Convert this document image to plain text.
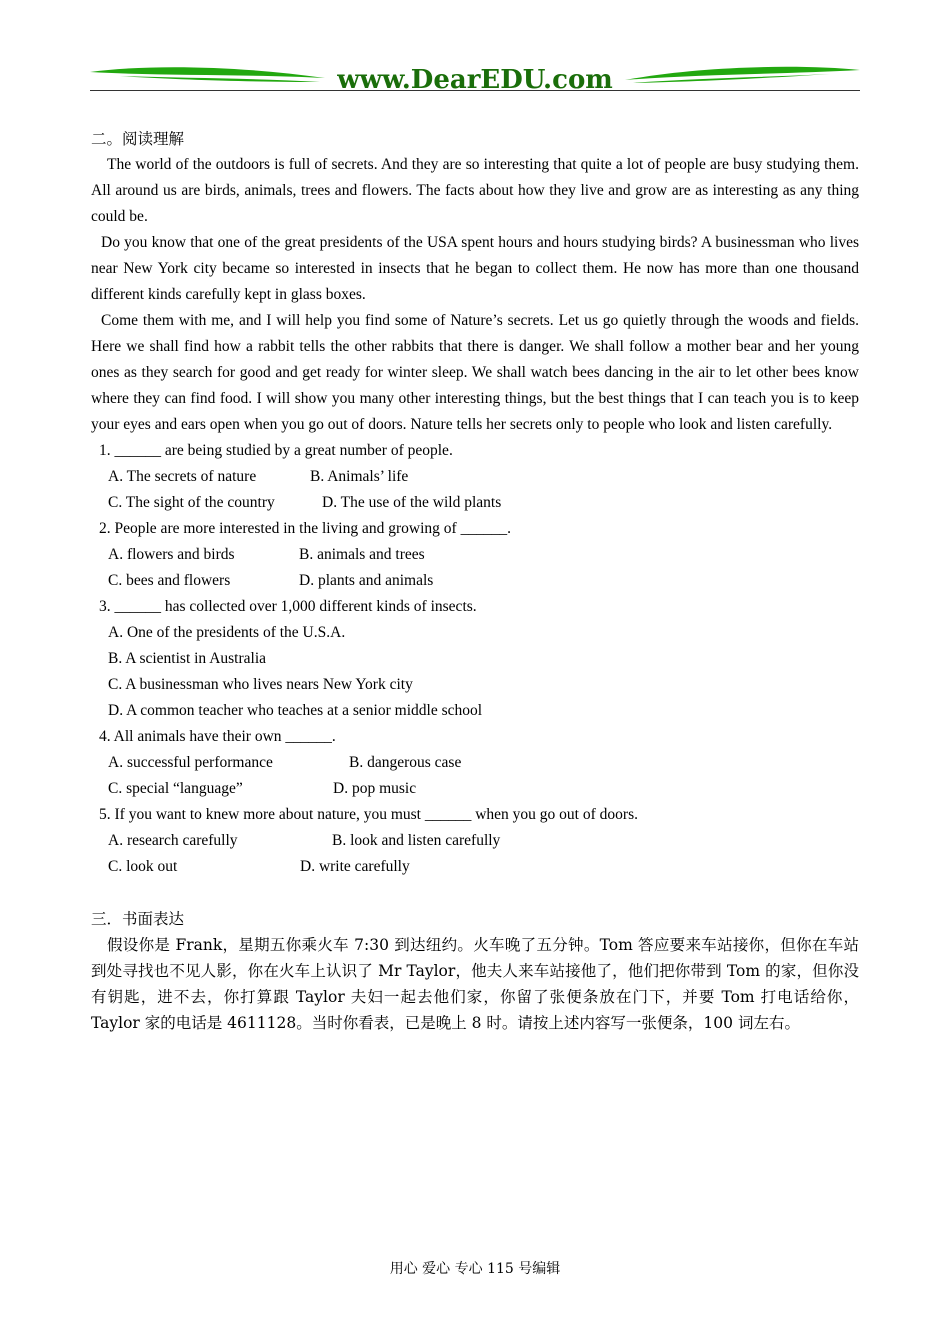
www.DearEDU.com

二。阅读理解

The world of the outdoors is full of secrets. And they are so interesting that quite a lot of people are busy studying them. All around us are birds, animals, trees and flowers. The facts about how they live and grow are as interesting as any thing could be.

Do you know that one of the great presidents of the USA spent hours and hours studying birds? A businessman who lives near New York city became so interested in insects that he began to collect them. He now has more than one thousand different kinds carefully kept in glass boxes.

Come them with me, and I will help you find some of Nature’s secrets. Let us go quietly through the woods and fields. Here we shall find how a rabbit tells the other rabbits that there is danger. We shall follow a mother bear and her young ones as they search for good and get ready for winter sleep. We shall watch bees dancing in the air to let other bees know where they can find food. I will show you many other interesting things, but the best things that I can teach you is to keep your eyes and ears open when you go out of doors. Nature tells her secrets only to people who look and listen carefully.

1. ______ are being studied by a great number of people.

A. The secrets of nature	B. Animals’ life

C. The sight of the country	D. The use of the wild plants

2. People are more interested in the living and growing of ______.

A. flowers and birds	B. animals and trees

C. bees and flowers	D. plants and animals

3. ______ has collected over 1,000 different kinds of insects.

A. One of the presidents of the U.S.A.

B. A scientist in Australia

C. A businessman who lives nears New York city

D. A common teacher who teaches at a senior middle school

4. All animals have their own ______.

A. successful performance	B. dangerous case

C. special “language”	D. pop music

5. If you want to knew more about nature, you must ______ when you go out of doors.

A. research carefully	B. look and listen carefully

C. look out	D. write carefully

三．书面表达

假设你是 Frank，星期五你乘火车 7:30 到达纽约。火车晚了五分钟。Tom 答应要来车站接你，但你在车站到处寻找也不见人影，你在火车上认识了 Mr Taylor，他夫人来车站接他了，他们把你带到 Tom 的家，但你没有钥匙，进不去，你打算跟 Taylor 夫妇一起去他们家，你留了张便条放在门下，并要 Tom 打电话给你，Taylor 家的电话是 4611128。当时你看表，已是晚上 8 时。请按上述内容写一张便条，100 词左右。

用心 爱心 专心 115 号编辑
